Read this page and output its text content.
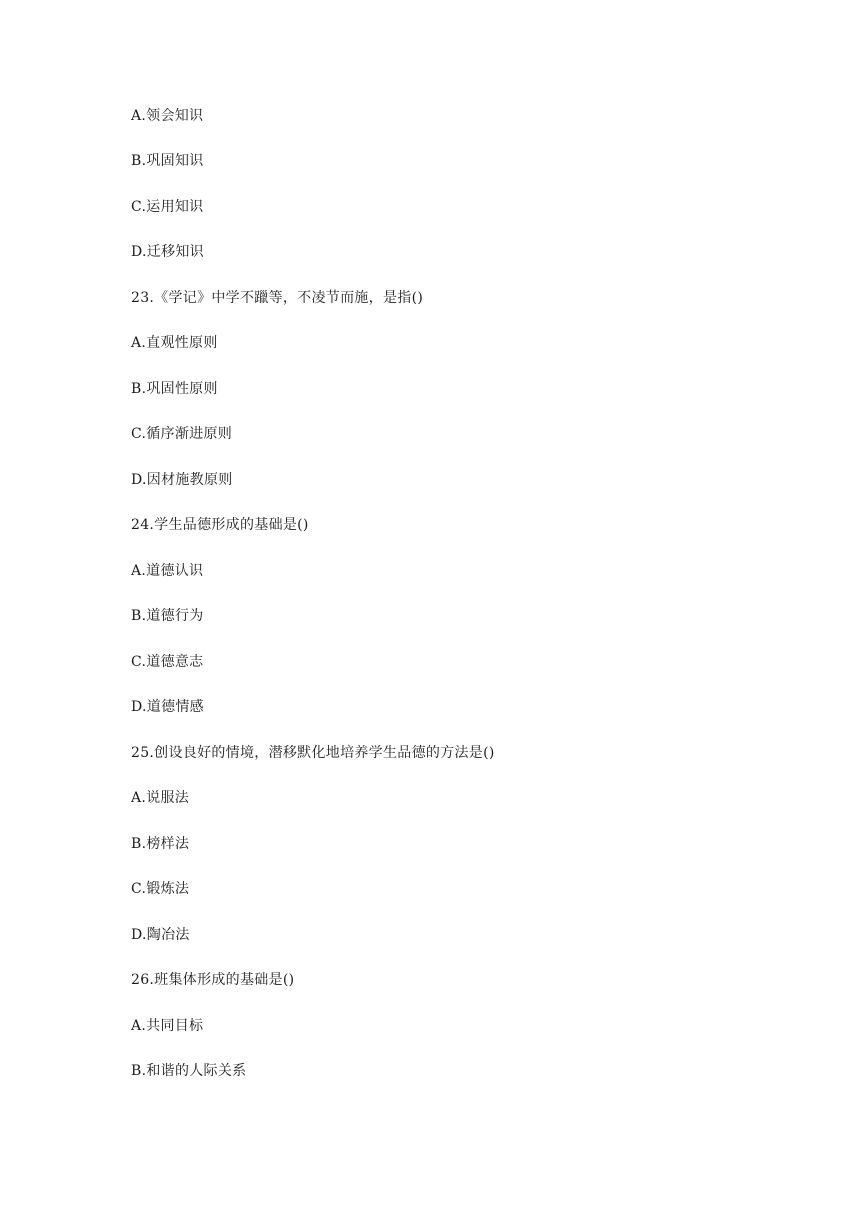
A.领会知识
B.巩固知识
C.运用知识
D.迁移知识
23.《学记》中学不躐等，不凌节而施，是指()
A.直观性原则
B.巩固性原则
C.循序渐进原则
D.因材施教原则
24.学生品德形成的基础是()
A.道德认识
B.道德行为
C.道德意志
D.道德情感
25.创设良好的情境，潜移默化地培养学生品德的方法是()
A.说服法
B.榜样法
C.锻炼法
D.陶冶法
26.班集体形成的基础是()
A.共同目标
B.和谐的人际关系
